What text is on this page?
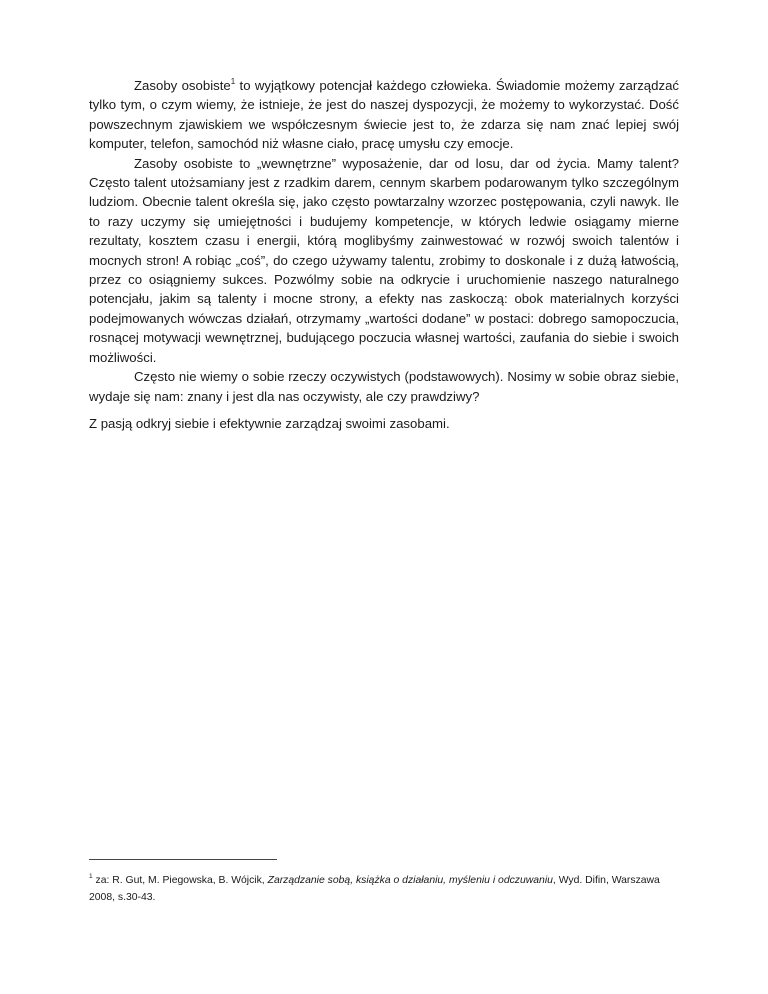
Zasoby osobiste$^1$ to wyjątkowy potencjał każdego człowieka. Świadomie możemy zarządzać tylko tym, o czym wiemy, że istnieje, że jest do naszej dyspozycji, że możemy to wykorzystać. Dość powszechnym zjawiskiem we współczesnym świecie jest to, że zdarza się nam znać lepiej swój komputer, telefon, samochód niż własne ciało, pracę umysłu czy emocje.

Zasoby osobiste to „wewnętrzne” wyposażenie, dar od losu, dar od życia. Mamy talent? Często talent utożsamiany jest z rzadkim darem, cennym skarbem podarowanym tylko szczególnym ludziom. Obecnie talent określa się, jako często powtarzalny wzorzec postępowania, czyli nawyk. Ile to razy uczymy się umiejętności i budujemy kompetencje, w których ledwie osiągamy mierne rezultaty, kosztem czasu i energii, którą moglibyśmy zainwestować w rozwój swoich talentów i mocnych stron! A robiąc „coś”, do czego używamy talentu, zrobimy to doskonale i z dużą łatwością, przez co osiągniemy sukces. Pozwólmy sobie na odkrycie i uruchomienie naszego naturalnego potencjału, jakim są talenty i mocne strony, a efekty nas zaskoczą: obok materialnych korzyści podejmowanych wówczas działań, otrzymamy „wartości dodane” w postaci: dobrego samopoczucia, rosnącej motywacji wewnętrznej, budującego poczucia własnej wartości, zaufania do siebie i swoich możliwości.

Często nie wiemy o sobie rzeczy oczywistych (podstawowych). Nosimy w sobie obraz siebie, wydaje się nam: znany i jest dla nas oczywisty, ale czy prawdziwy?

Z pasją odkryj siebie i efektywnie zarządzaj swoimi zasobami.

$^1$ za: R. Gut, M. Piegowska, B. Wójcik, Zarządzanie sobą, książka o działaniu, myśleniu i odczuwaniu, Wyd. Difin, Warszawa 2008, s.30-43.
